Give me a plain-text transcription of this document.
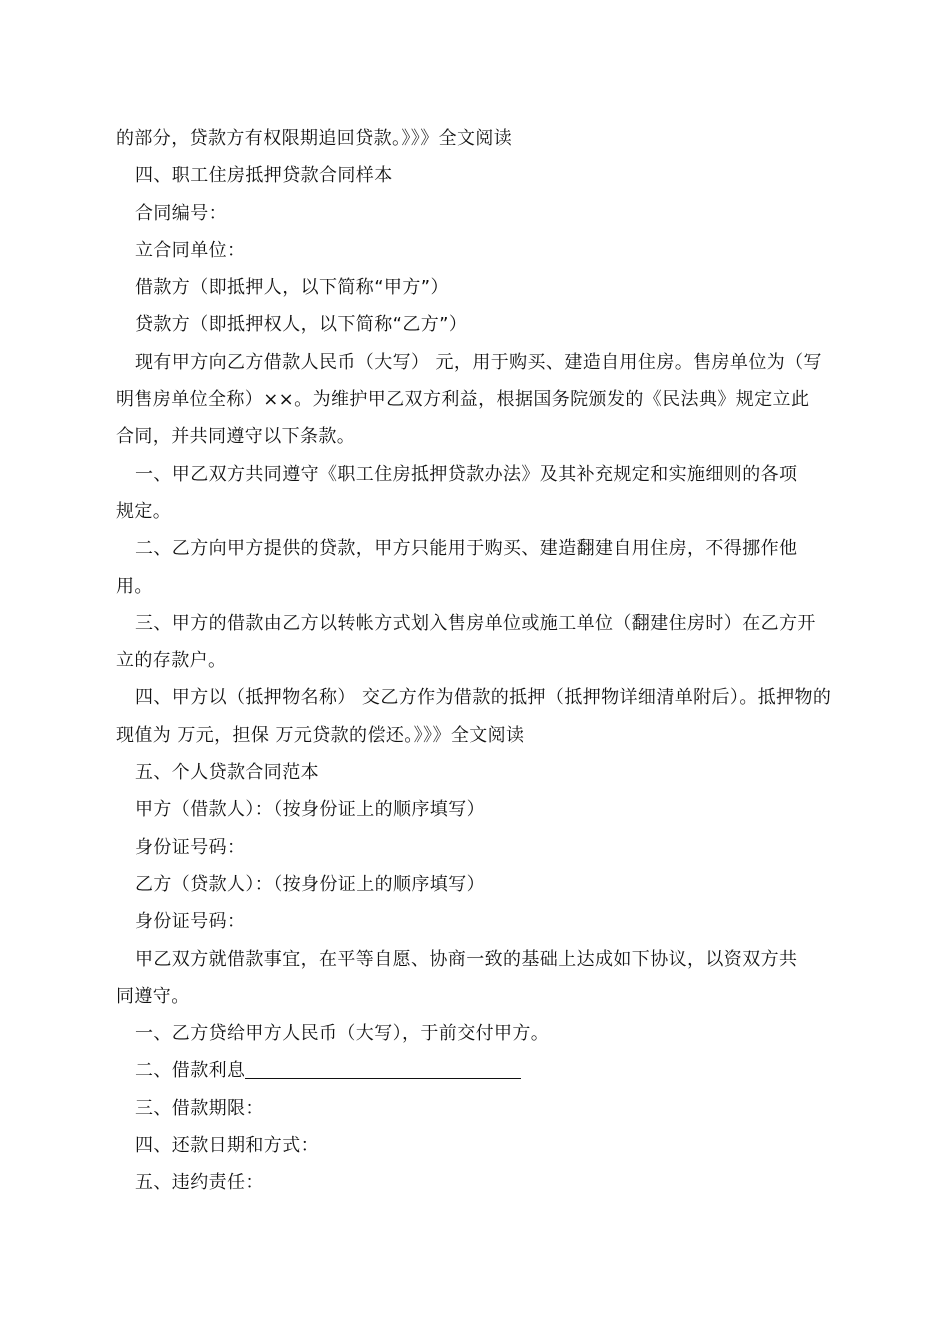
的部分，贷款方有权限期追回贷款。》》》全文阅读
四、职工住房抵押贷款合同样本
合同编号：
立合同单位：
借款方（即抵押人，以下简称“甲方”）
贷款方（即抵押权人，以下简称“乙方”）
现有甲方向乙方借款人民币（大写） 元，用于购买、建造自用住房。售房单位为（写
明售房单位全称）××。为维护甲乙双方利益，根据国务院颁发的《民法典》规定立此
合同，并共同遵守以下条款。
一、甲乙双方共同遵守《职工住房抵押贷款办法》及其补充规定和实施细则的各项
规定。
二、乙方向甲方提供的贷款，甲方只能用于购买、建造翻建自用住房，不得挪作他
用。
三、甲方的借款由乙方以转帐方式划入售房单位或施工单位（翻建住房时）在乙方开
立的存款户。
四、甲方以（抵押物名称） 交乙方作为借款的抵押（抵押物详细清单附后）。抵押物的
现值为 万元，担保 万元贷款的偿还。》》》全文阅读
五、个人贷款合同范本
甲方（借款人）：（按身份证上的顺序填写）
身份证号码：
乙方（贷款人）：（按身份证上的顺序填写）
身份证号码：
甲乙双方就借款事宜，在平等自愿、协商一致的基础上达成如下协议，以资双方共
同遵守。
一、乙方贷给甲方人民币（大写），于前交付甲方。
二、借款利息
三、借款期限：
四、还款日期和方式：
五、违约责任：
